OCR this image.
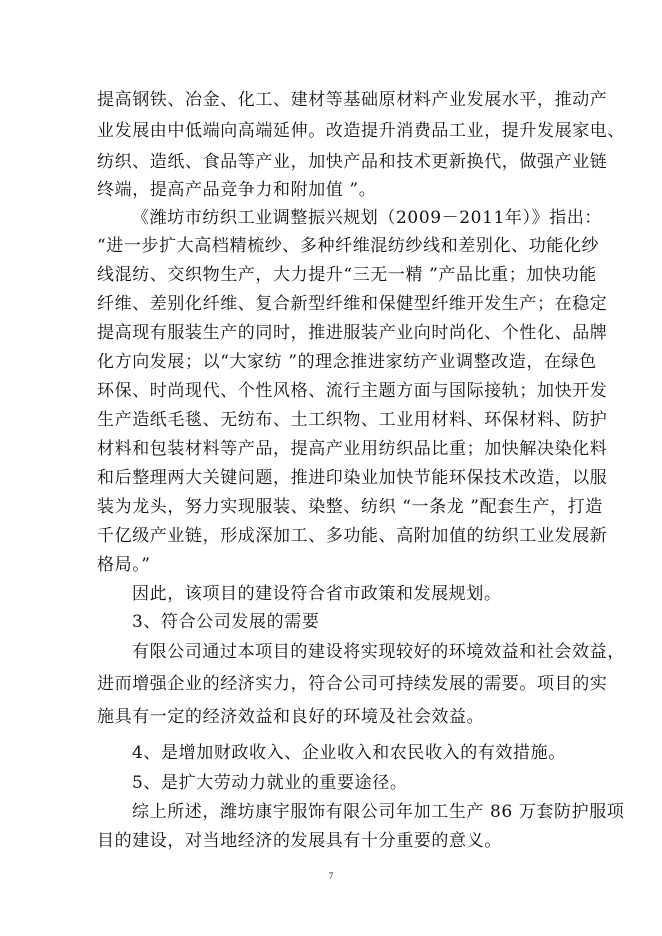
提高钢铁、冶金、化工、建材等基础原材料产业发展水平，推动产
业发展由中低端向高端延伸。改造提升消费品工业，提升发展家电、
纺织、造纸、食品等产业，加快产品和技术更新换代，做强产业链
终端，提高产品竞争力和附加值 ”。
《潍坊市纺织工业调整振兴规划（2009－2011年）》指出：
“进一步扩大高档精梳纱、多种纤维混纺纱线和差别化、功能化纱
线混纺、交织物生产，大力提升“三无一精 ”产品比重；加快功能
纤维、差别化纤维、复合新型纤维和保健型纤维开发生产；在稳定
提高现有服装生产的同时，推进服装产业向时尚化、个性化、品牌
化方向发展；以“大家纺 ”的理念推进家纺产业调整改造，在绿色
环保、时尚现代、个性风格、流行主题方面与国际接轨；加快开发
生产造纸毛毯、无纺布、土工织物、工业用材料、环保材料、防护
材料和包装材料等产品，提高产业用纺织品比重；加快解决染化料
和后整理两大关键问题，推进印染业加快节能环保技术改造，以服
装为龙头，努力实现服装、染整、纺织 “一条龙 ”配套生产，打造
千亿级产业链，形成深加工、多功能、高附加值的纺织工业发展新
格局。”
因此，该项目的建设符合省市政策和发展规划。
3、符合公司发展的需要
有限公司通过本项目的建设将实现较好的环境效益和社会效益，
进而增强企业的经济实力，符合公司可持续发展的需要。项目的实
施具有一定的经济效益和良好的环境及社会效益。
4、是增加财政收入、企业收入和农民收入的有效措施。
5、是扩大劳动力就业的重要途径。
综上所述，潍坊康宇服饰有限公司年加工生产 86 万套防护服项
目的建设，对当地经济的发展具有十分重要的意义。
7
